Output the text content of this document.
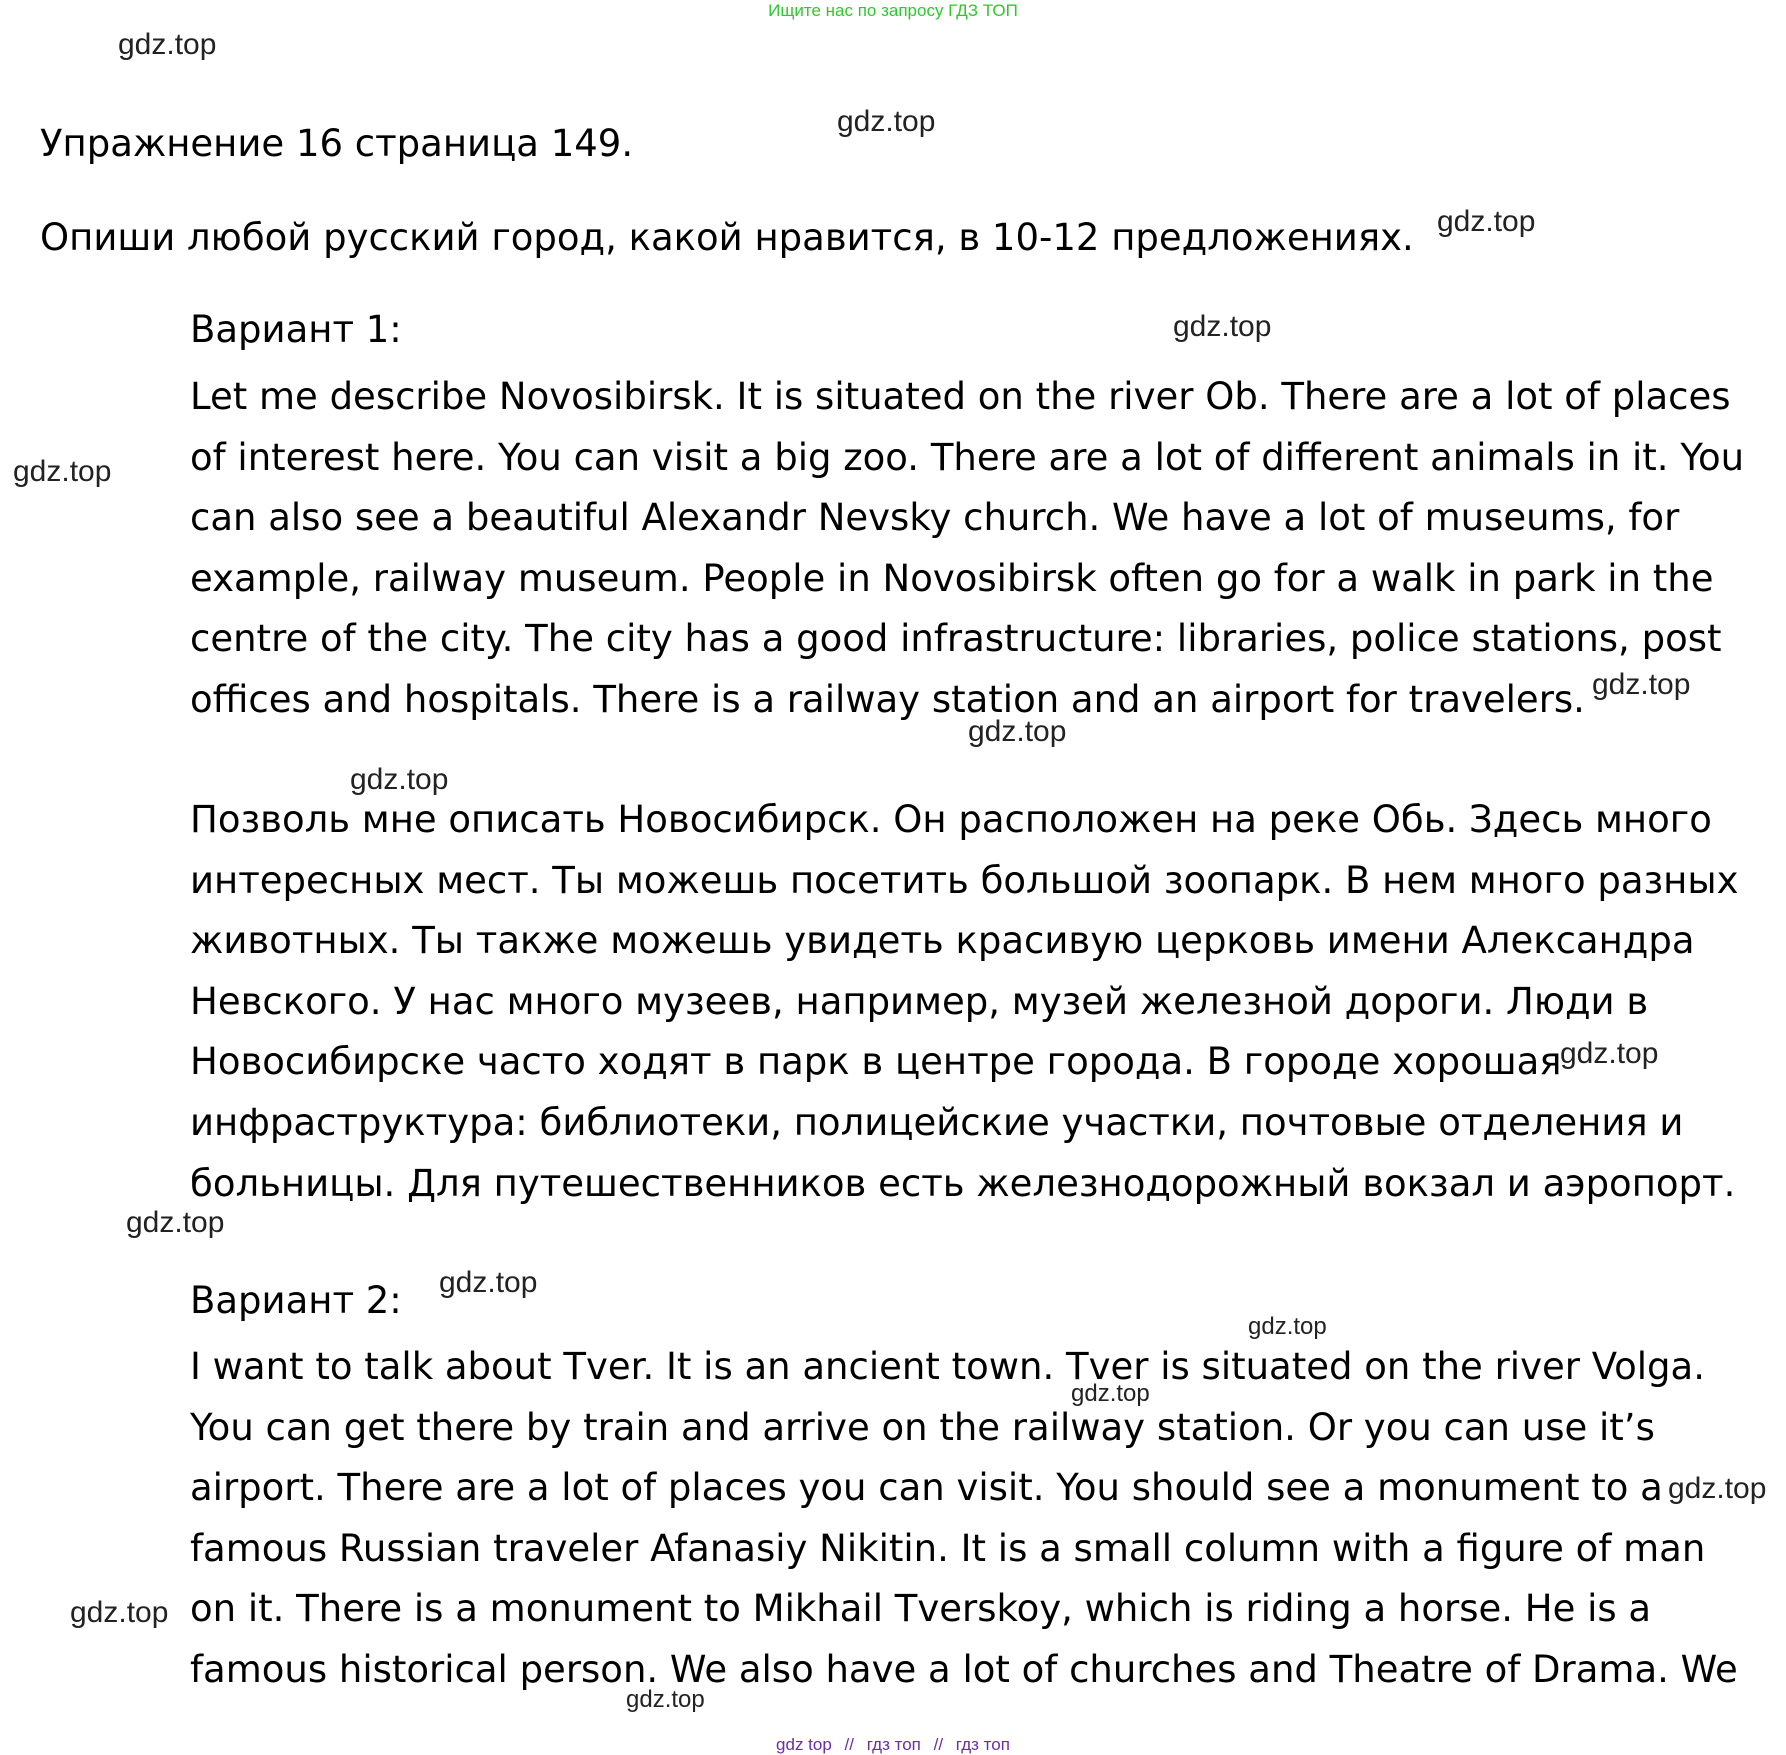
Ищите нас по запросу ГДЗ ТОП
Упражнение 16 страница 149.
Опиши любой русский город, какой нравится, в 10-12 предложениях.
Вариант 1:
Let me describe Novosibirsk. It is situated on the river Ob. There are a lot of places
of interest here. You can visit a big zoo. There are a lot of different animals in it. You
can also see a beautiful Alexandr Nevsky church. We have a lot of museums, for
example, railway museum. People in Novosibirsk often go for a walk in park in the
centre of the city. The city has a good infrastructure: libraries, police stations, post
offices and hospitals. There is a railway station and an airport for travelers.
Позволь мне описать Новосибирск. Он расположен на реке Обь. Здесь много
интересных мест. Ты можешь посетить большой зоопарк. В нем много разных
животных. Ты также можешь увидеть красивую церковь имени Александра
Невского. У нас много музеев, например, музей железной дороги. Люди в
Новосибирске часто ходят в парк в центре города. В городе хорошая
инфраструктура: библиотеки, полицейские участки, почтовые отделения и
больницы. Для путешественников есть железнодорожный вокзал и аэропорт.
Вариант 2:
I want to talk about Tver. It is an ancient town. Tver is situated on the river Volga.
You can get there by train and arrive on the railway station. Or you can use it’s
airport. There are a lot of places you can visit. You should see a monument to a
famous Russian traveler Afanasiy Nikitin. It is a small column with a figure of man
on it. There is a monument to Mikhail Tverskoy, which is riding a horse. He is a
famous historical person. We also have a lot of churches and Theatre of Drama. We
gdz.top
gdz.top
gdz.top
gdz.top
gdz.top
gdz.top
gdz.top
gdz.top
gdz.top
gdz.top
gdz.top
gdz.top
gdz.top
gdz.top
gdz.top
gdz.top
gdz top // гдз топ // гдз топ
